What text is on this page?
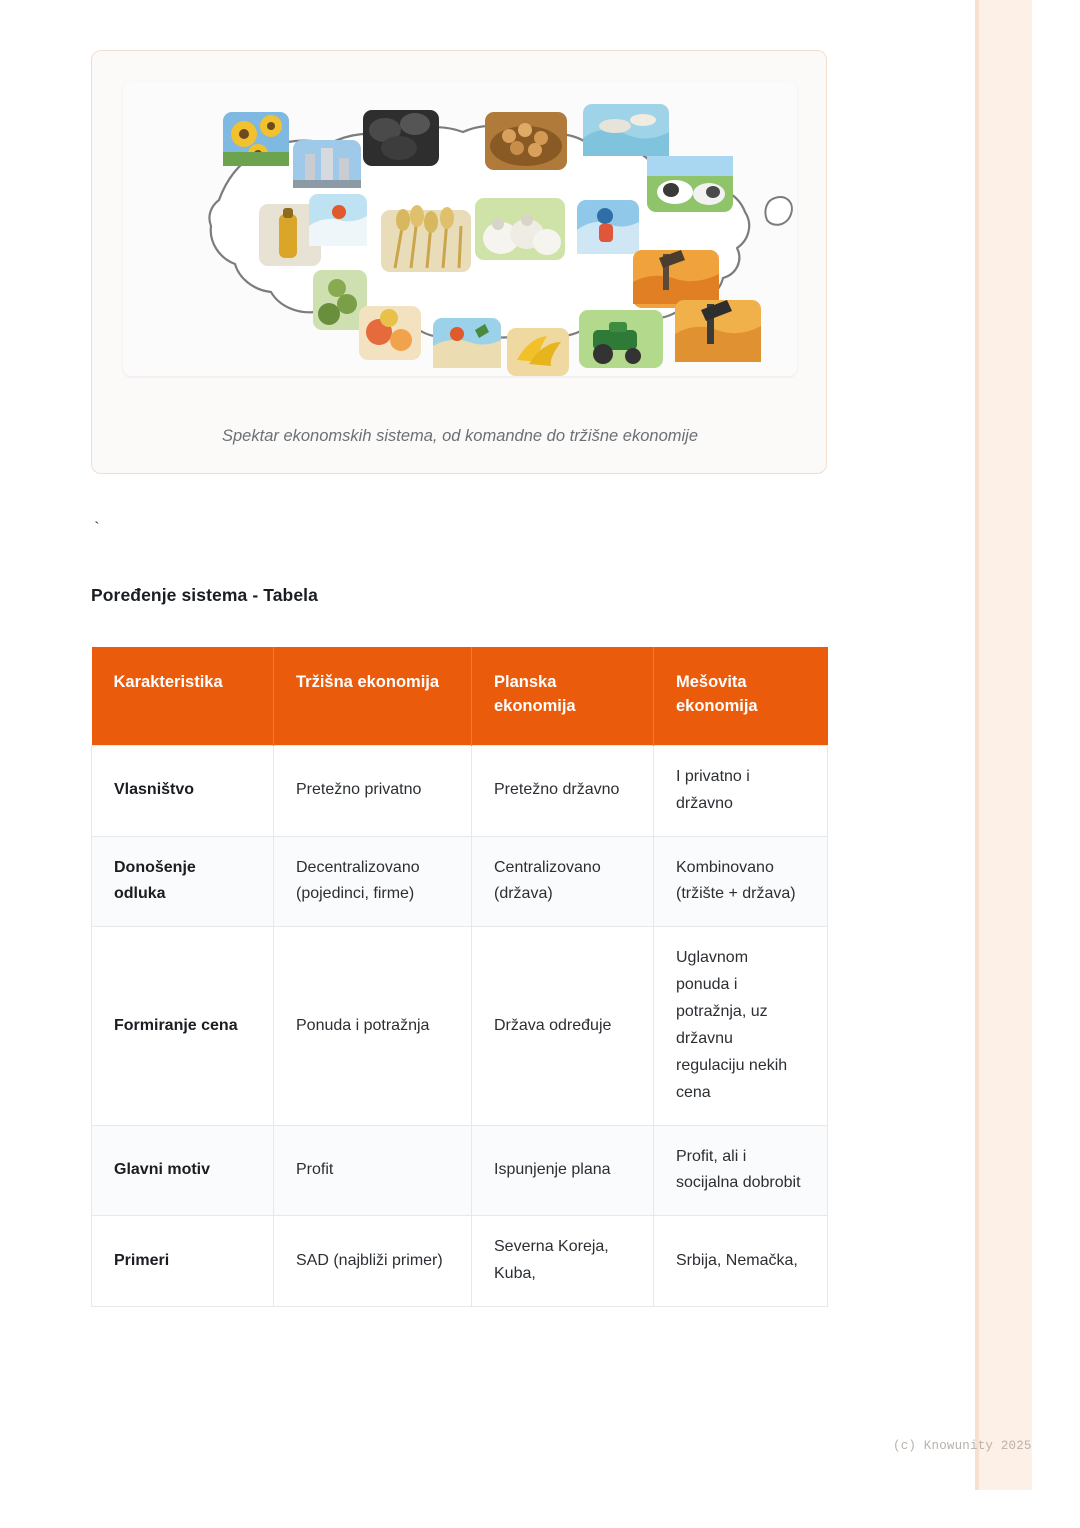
Spektar ekonomskih sistema, od komandne do tržišne ekonomije
`
Poređenje sistema - Tabela
Karakteristika	Tržišna ekonomija	Planska ekonomija	Mešovita ekonomija
Vlasništvo	Pretežno privatno	Pretežno državno	I privatno i državno
Donošenje odluka	Decentralizovano (pojedinci, firme)	Centralizovano (država)	Kombinovano (tržište + država)
Formiranje cena	Ponuda i potražnja	Država određuje	Uglavnom ponuda i potražnja, uz državnu regulaciju nekih cena
Glavni motiv	Profit	Ispunjenje plana	Profit, ali i socijalna dobrobit
Primeri	SAD (najbliži primer)	Severna Koreja, Kuba,	Srbija, Nemačka,
(c) Knowunity 2025
